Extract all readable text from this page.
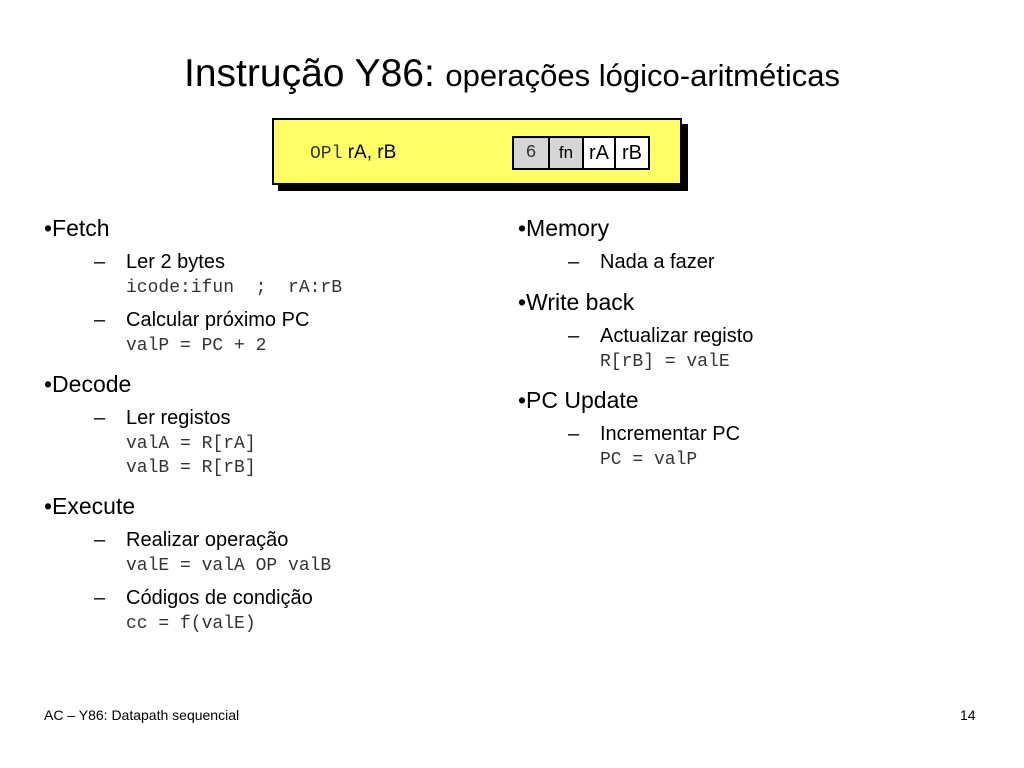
Instrução Y86: operações lógico-aritméticas
OPl rA, rB	6	fn rA rB
•Fetch
– Ler 2 bytes
icode:ifun  ;  rA:rB
– Calcular próximo PC
valP = PC + 2
•Decode
– Ler registos
valA = R[rA]
valB = R[rB]
•Execute
– Realizar operação
valE = valA OP valB
– Códigos de condição
cc = f(valE)
•Memory
– Nada a fazer
•Write back
– Actualizar registo
R[rB] = valE
•PC Update
– Incrementar PC
PC = valP
AC – Y86: Datapath sequencial	14
